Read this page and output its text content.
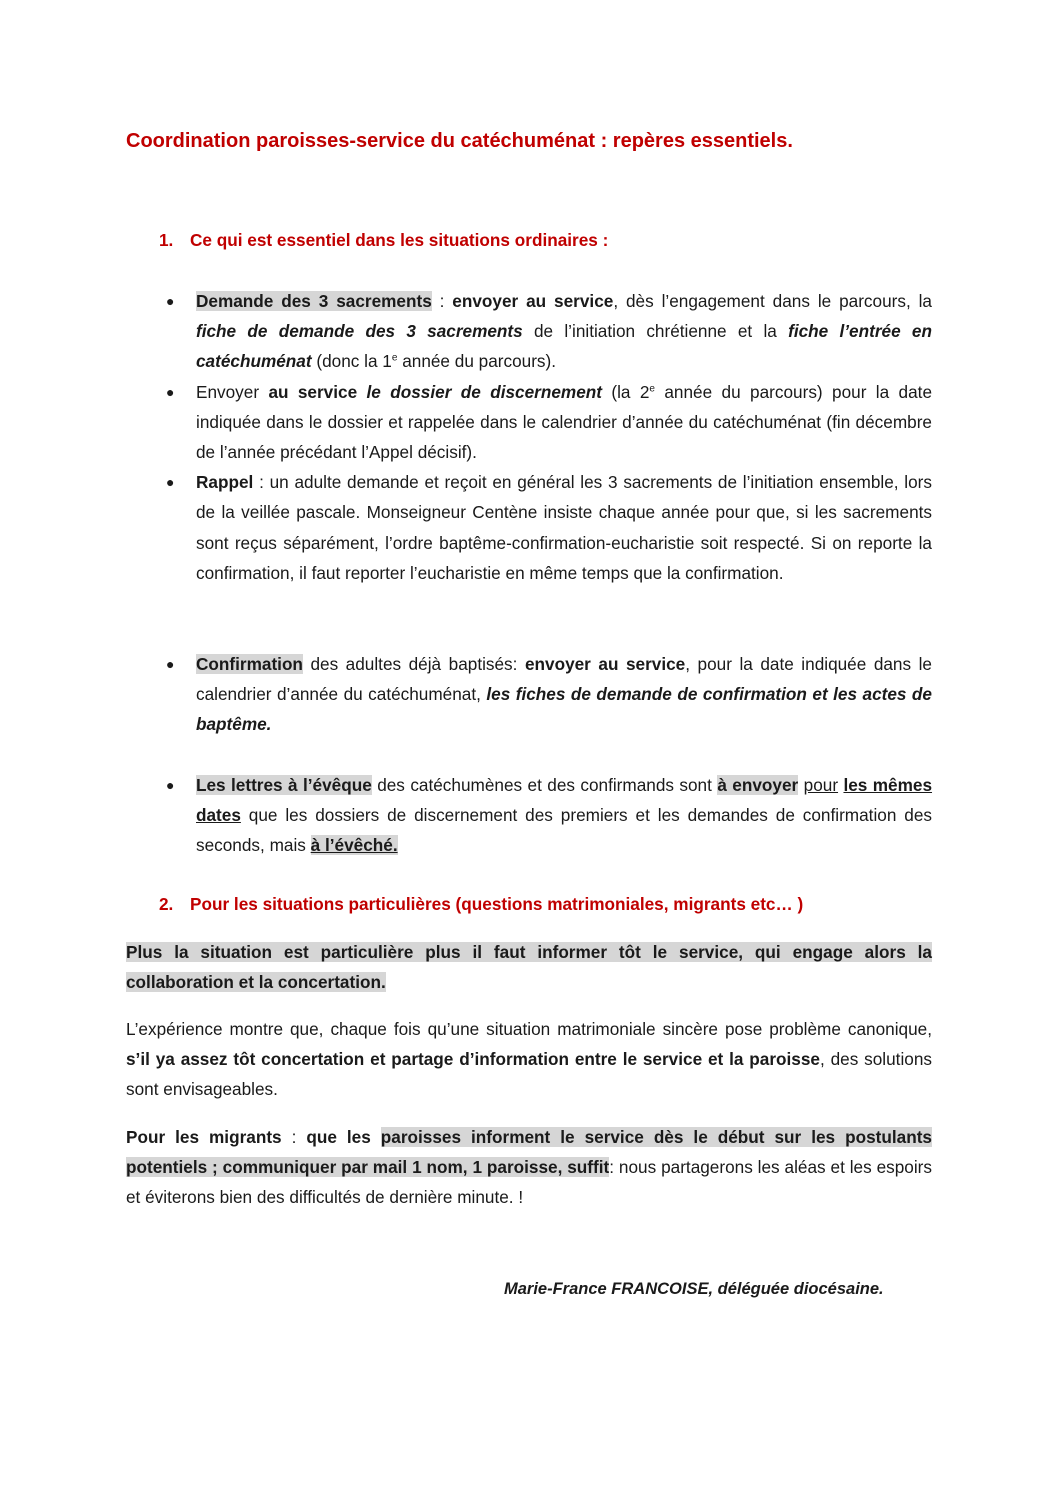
Coordination paroisses-service du catéchuménat : repères essentiels.
1. Ce qui est essentiel dans les situations ordinaires :
● Demande des 3 sacrements : envoyer au service, dès l’engagement dans le parcours, la fiche de demande des 3 sacrements de l’initiation chrétienne et la fiche l’entrée en catéchuménat (donc la 1e année du parcours).
● Envoyer au service le dossier de discernement (la 2e année du parcours) pour la date indiquée dans le dossier et rappelée dans le calendrier d’année du catéchuménat (fin décembre de l’année précédant l’Appel décisif).
● Rappel : un adulte demande et reçoit en général les 3 sacrements de l’initiation ensemble, lors de la veillée pascale. Monseigneur Centène insiste chaque année pour que, si les sacrements sont reçus séparément, l’ordre baptême-confirmation-eucharistie soit respecté. Si on reporte la confirmation, il faut reporter l’eucharistie en même temps que la confirmation.
● Confirmation des adultes déjà baptisés: envoyer au service, pour la date indiquée dans le calendrier d’année du catéchuménat, les fiches de demande de confirmation et les actes de baptême.
● Les lettres à l’évêque des catéchumènes et des confirmands sont à envoyer pour les mêmes dates que les dossiers de discernement des premiers et les demandes de confirmation des seconds, mais à l’évêché.
2. Pour les situations particulières (questions matrimoniales, migrants etc… )

Plus la situation est particulière plus il faut informer tôt le service, qui engage alors la collaboration et la concertation.

L’expérience montre que, chaque fois qu’une situation matrimoniale sincère pose problème canonique, s’il ya assez tôt concertation et partage d’information entre le service et la paroisse, des solutions sont envisageables.

Pour les migrants : que les paroisses informent le service dès le début sur les postulants potentiels ; communiquer par mail 1 nom, 1 paroisse, suffit: nous partagerons les aléas et les espoirs et éviterons bien des difficultés de dernière minute. !

Marie-France FRANCOISE, déléguée diocésaine.
